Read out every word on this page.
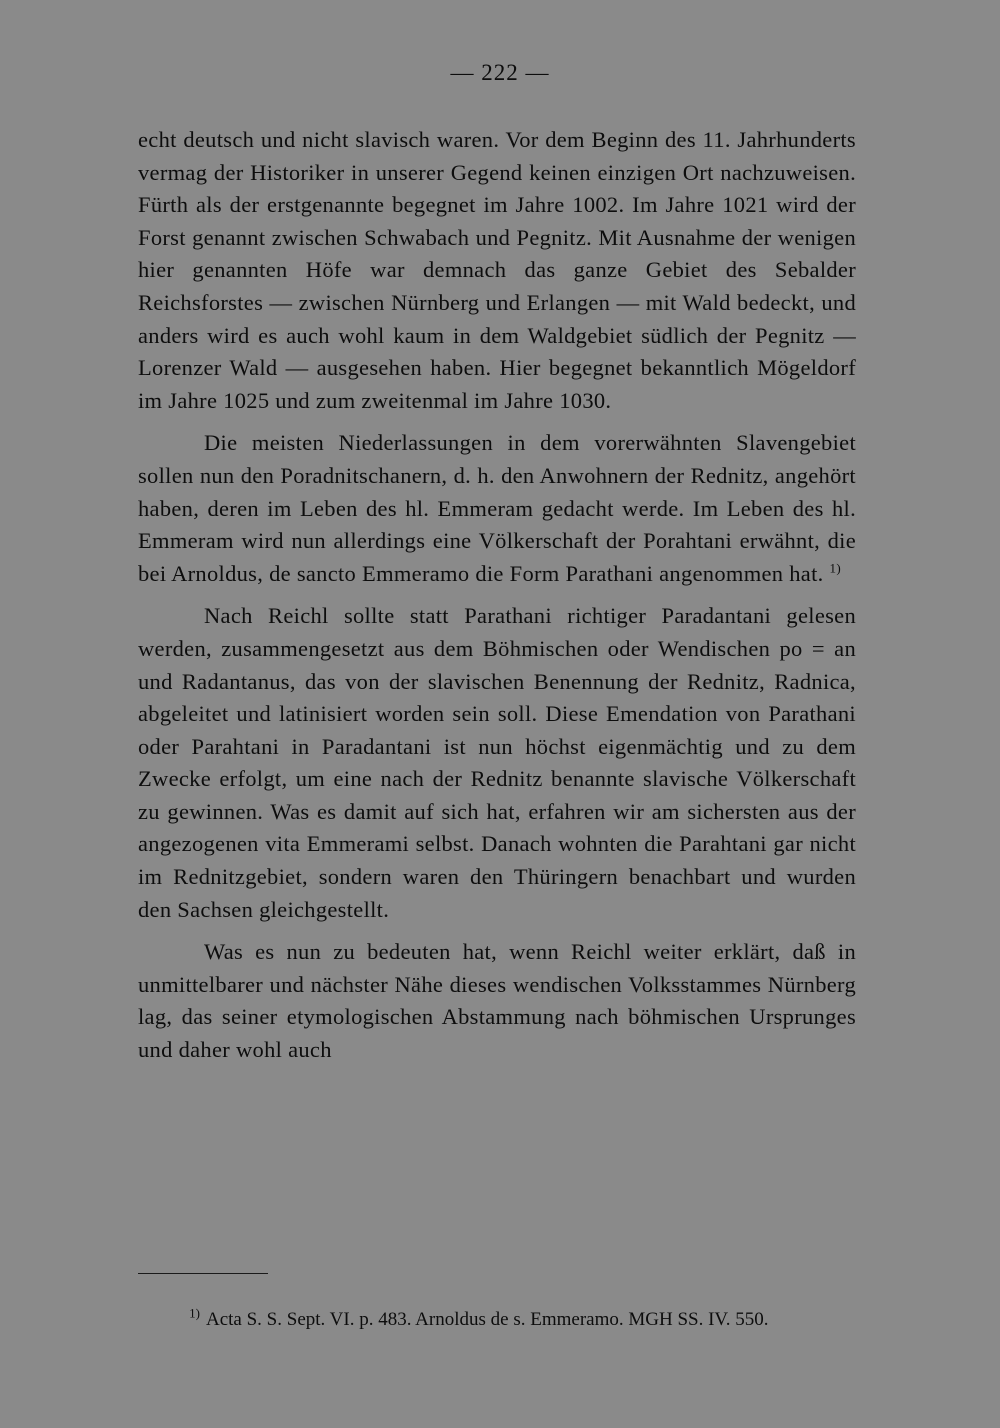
— 222 —

echt deutsch und nicht slavisch waren. Vor dem Beginn des 11. Jahrhunderts vermag der Historiker in unserer Gegend keinen einzigen Ort nachzuweisen. Fürth als der erstgenannte begegnet im Jahre 1002. Im Jahre 1021 wird der Forst genannt zwischen Schwabach und Pegnitz. Mit Ausnahme der wenigen hier genannten Höfe war demnach das ganze Gebiet des Sebalder Reichsforstes — zwischen Nürnberg und Erlangen — mit Wald bedeckt, und anders wird es auch wohl kaum in dem Waldgebiet südlich der Pegnitz — Lorenzer Wald — ausgesehen haben. Hier begegnet bekanntlich Mögeldorf im Jahre 1025 und zum zweitenmal im Jahre 1030.

Die meisten Niederlassungen in dem vorerwähnten Slavengebiet sollen nun den Poradnitschanern, d. h. den Anwohnern der Rednitz, angehört haben, deren im Leben des hl. Emmeram gedacht werde. Im Leben des hl. Emmeram wird nun allerdings eine Völkerschaft der Porahtani erwähnt, die bei Arnoldus, de sancto Emmeramo die Form Parathani angenommen hat. $^{1)}$

Nach Reichl sollte statt Parathani richtiger Paradantani gelesen werden, zusammengesetzt aus dem Böhmischen oder Wendischen po = an und Radantanus, das von der slavischen Benennung der Rednitz, Radnica, abgeleitet und latinisiert worden sein soll. Diese Emendation von Parathani oder Parahtani in Paradantani ist nun höchst eigenmächtig und zu dem Zwecke erfolgt, um eine nach der Rednitz benannte slavische Völkerschaft zu gewinnen. Was es damit auf sich hat, erfahren wir am sichersten aus der angezogenen vita Emmerami selbst. Danach wohnten die Parahtani gar nicht im Rednitzgebiet, sondern waren den Thüringern benachbart und wurden den Sachsen gleichgestellt.

Was es nun zu bedeuten hat, wenn Reichl weiter erklärt, daß in unmittelbarer und nächster Nähe dieses wendischen Volksstammes Nürnberg lag, das seiner etymologischen Abstammung nach böhmischen Ursprunges und daher wohl auch

$^{1)}$ Acta S. S. Sept. VI. p. 483. Arnoldus de s. Emmeramo. MGH SS. IV. 550.
